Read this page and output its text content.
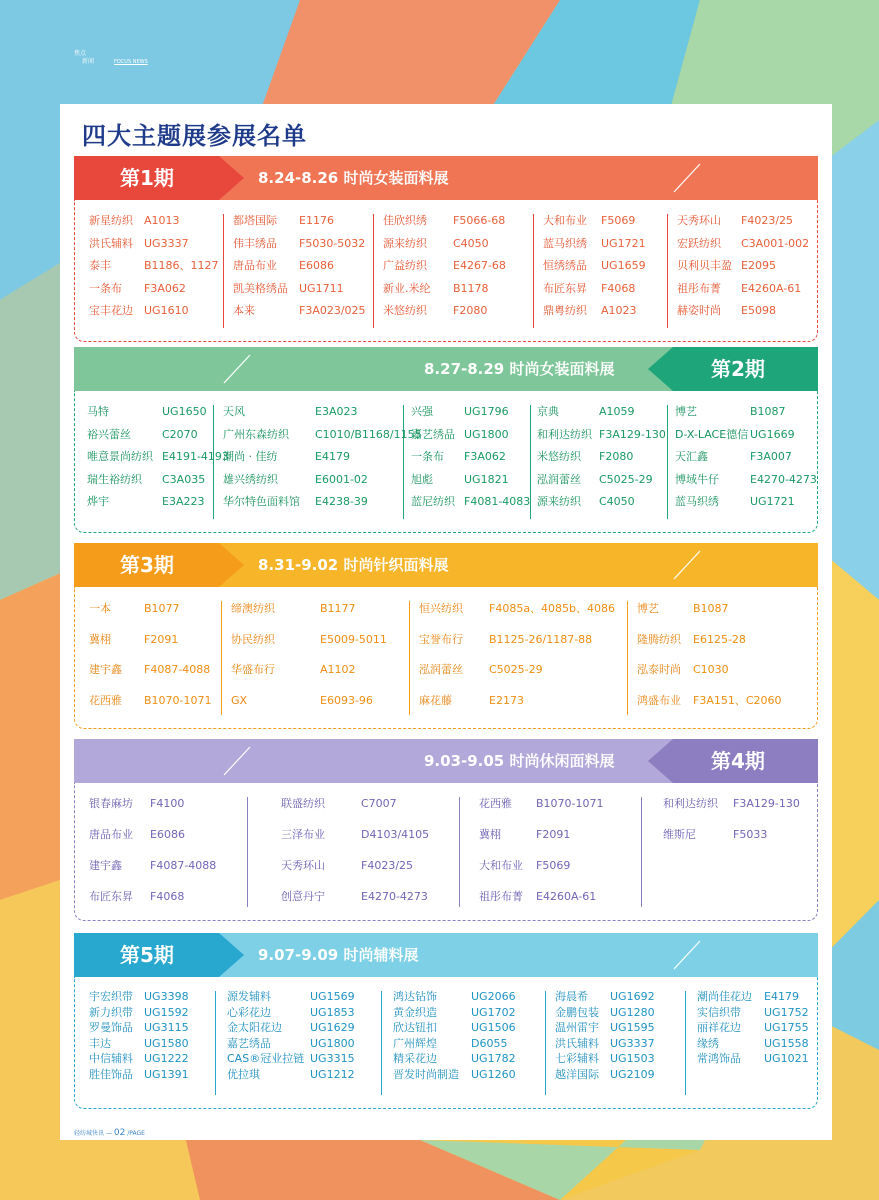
焦点
新闻	FOCUS NEWS
四大主题展参展名单
第1期	8.24-8.26 时尚女装面料展
新星纺织 A1013
洪氏辅料 UG3337
泰丰	B1186、1127
一条布 F3A062
宝丰花边 UG1610
都塔国际 E1176
伟丰绣品 F5030-5032
唐品布业 E6086
凯美格绣品 UG1711
本来	F3A023/025
佳欣织绣 F5066-68
源来纺织 C4050
广益纺织 E4267-68
新业.米纶 B1178
米悠纺织 F2080
大和布业 F5069
蓝马织绣 UG1721
恒绣绣品 UG1659
布匠东昇 F4068
鼎粤纺织 A1023
天秀环山 F4023/25
宏跃纺织 C3A001-002
贝利贝丰盈 E2095
祖彤布菁 E4260A-61
赫姿时尚 E5098
第2期
8.27-8.29 时尚女装面料展
马特	UG1650
裕兴蕾丝	C2070
唯意景尚纺织 E4191-4193
瑞生裕纺织 C3A035
烨宇	E3A223
天风	E3A023
广州东森纺织 C1010/B1168/1155
潮尚 · 佳纺	E4179
雄兴绣纺织	E6001-02
华尔特色面料馆 E4238-39
兴强	UG1796
嘉艺绣品 UG1800
一条布 F3A062
旭彪	UG1821
蓝尼纺织 F4081-4083
京典	A1059
和利达纺织 F3A129-130
米悠纺织 F2080
泓润蕾丝 C5025-29
源来纺织 C4050
博艺	B1087
D-X-LACE德信 UG1669
天汇鑫	F3A007
博域牛仔	E4270-4273
蓝马织绣	UG1721
第3期	8.31-9.02 时尚针织面料展
一本	B1077
冀栩	F2091
建宇鑫 F4087-4088
花西雅 B1070-1071
缔澳纺织	B1177
协民纺织	E5009-5011
华盛布行	A1102
GX	E6093-96
恒兴纺织 F4085a、4085b、4086
宝誉布行 B1125-26/1187-88
泓润蕾丝 C5025-29
麻花藤	E2173
博艺	B1087
隆腾纺织 E6125-28
泓泰时尚 C1030
鸿盛布业 F3A151、C2060
第4期
9.03-9.05 时尚休闲面料展
银春麻坊 F4100
唐品布业 E6086
建宇鑫	F4087-4088
布匠东昇 F4068
联盛纺织	C7007
三泽布业	D4103/4105
天秀环山	F4023/25
创意丹宁	E4270-4273
花西雅 B1070-1071
冀栩	F2091
大和布业 F5069
祖彤布菁 E4260A-61
和利达纺织 F3A129-130
维斯尼	F5033
第5期	9.07-9.09 时尚辅料展
宇宏织带 UG3398
新力织带 UG1592
罗曼饰品 UG3115
丰达	UG1580
中信辅料 UG1222
胜佳饰品 UG1391
源发辅料	UG1569
心彩花边	UG1853
金太阳花边	UG1629
嘉艺绣品	UG1800
CAS®冠业拉链 UG3315
优拉琪	UG1212
鸿达钻饰	UG2066
黄金织造	UG1702
欣达钮扣	UG1506
广州辉煌	D6055
精采花边	UG1782
晋发时尚制造 UG1260
海晨希 UG1692
金鹏包装 UG1280
温州雷宇 UG1595
洪氏辅料 UG3337
七彩辅料 UG1503
越洋国际 UG2109
潮尚佳花边 E4179
实信织带 UG1752
丽祥花边 UG1755
缘绣	UG1558
常鸿饰品 UG1021
轻纺城快讯 — 02 /PAGE
